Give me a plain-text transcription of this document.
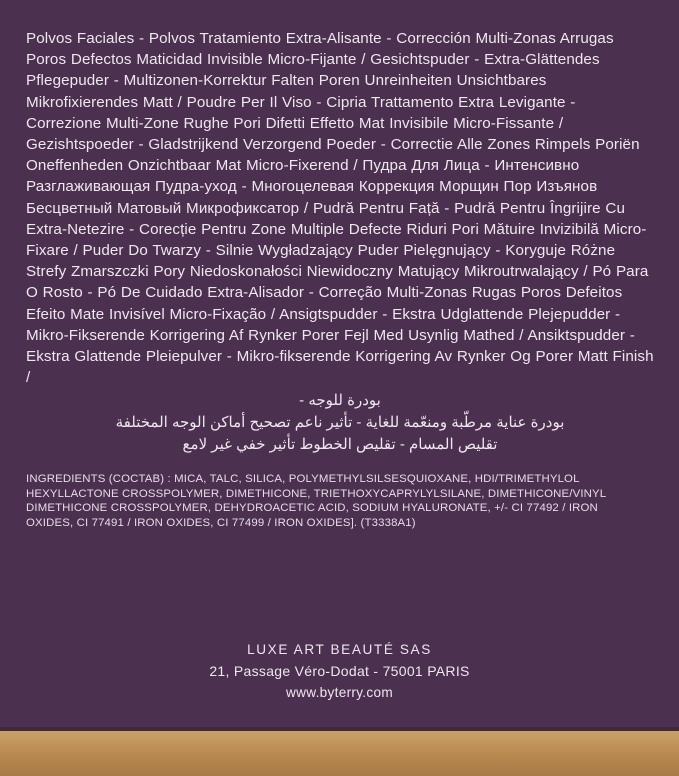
Polvos Faciales - Polvos Tratamiento Extra-Alisante - Corrección Multi-Zonas Arrugas Poros Defectos Maticidad Invisible Micro-Fijante / Gesichtspuder - Extra-Glättendes Pflegepuder - Multizonen-Korrektur Falten Poren Unreinheiten Unsichtbares Mikrofixierendes Matt / Poudre Per Il Viso - Cipria Trattamento Extra Levigante - Correzione Multi-Zone Rughe Pori Difetti Effetto Mat Invisibile Micro-Fissante / Gezishtspoeder - Gladstrijkend Verzorgend Poeder - Correctie Alle Zones Rimpels Poriën Oneffenheden Onzichtbaar Mat Micro-Fixerend / Пудра Для Лица - Интенсивно Разглаживающая Пудра-уход - Многоцелевая Коррекция Морщин Пор Изъянов Бесцветный Матовый Микрофиксатор / Pudră Pentru Față - Pudră Pentru Îngrijire Cu Extra-Netezire - Corecție Pentru Zone Multiple Defecte Riduri Pori Mătuire Invizibilă Micro-Fixare / Puder Do Twarzy - Silnie Wygładzający Puder Pielęgnujący - Koryguje Różne Strefy Zmarszczki Pory Niedoskonałości Niewidoczny Matujący Mikroutrwalający / Pó Para O Rosto - Pó De Cuidado Extra-Alisador - Correção Multi-Zonas Rugas Poros Defeitos Efeito Mate Invisível Micro-Fixação / Ansigtspudder - Ekstra Udglattende Plejepudder - Mikro-Fikserende Korrigering Af Rynker Porer Fejl Med Usynlig Mathed / Ansiktspudder - Ekstra Glattende Pleiepulver - Mikro-fikserende Korrigering Av Rynker Og Porer Matt Finish /
بودرة للوجه -
بودرة عناية مرطّبة ومنعّمة للغاية - تأثير ناعم تصحيح أماكن الوجه المختلفة
تقليص المسام - تقليص الخطوط تأثير خفي غير لامع
INGREDIENTS (COCTAB) : MICA, TALC, SILICA, POLYMETHYLSILSESQUIOXANE, HDI/TRIMETHYLOL HEXYLLACTONE CROSSPOLYMER, DIMETHICONE, TRIETHOXYCAPRYLYLSILANE, DIMETHICONE/VINYL DIMETHICONE CROSSPOLYMER, DEHYDROACETIC ACID, SODIUM HYALURONATE, +/- CI 77492 / IRON OXIDES, CI 77491 / IRON OXIDES, CI 77499 / IRON OXIDES]. (T3338A1)
LUXE ART BEAUTÉ SAS
21, Passage Véro-Dodat - 75001 PARIS
www.byterry.com
